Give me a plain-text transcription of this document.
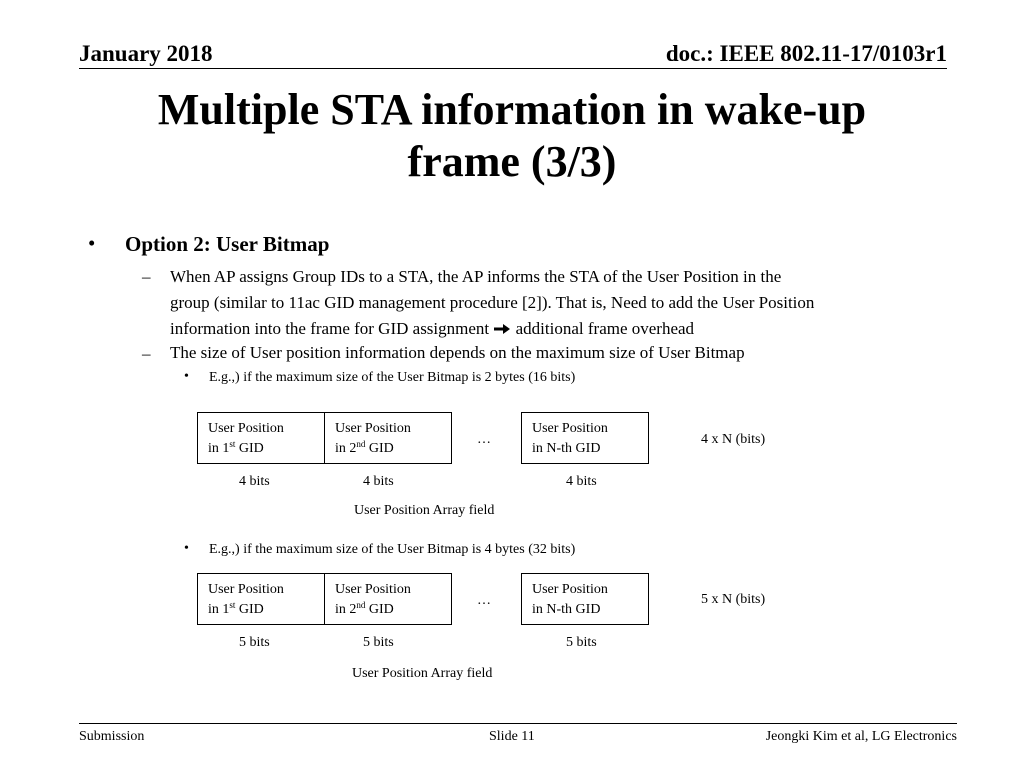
January 2018	doc.: IEEE 802.11-17/0103r1
Multiple STA information in wake-up
frame (3/3)
• Option 2: User Bitmap
– When AP assigns Group IDs to a STA, the AP informs the STA of the User Position in the
group (similar to 11ac GID management procedure [2]). That is, Need to add the User Position
information into the frame for GID assignment additional frame overhead
– The size of User position information depends on the maximum size of User Bitmap
• E.g.,) if the maximum size of the User Bitmap is 2 bytes (16 bits)
User Position
in 1st GID
User Position
in 2nd GID
…
User Position
in N-th GID
4 x N (bits)
4 bits	4 bits	4 bits
User Position Array field
• E.g.,) if the maximum size of the User Bitmap is 4 bytes (32 bits)
User Position
in 1st GID
User Position
in 2nd GID
…
User Position
in N-th GID
5 x N (bits)
5 bits	5 bits	5 bits
User Position Array field
Submission	Slide 11	Jeongki Kim et al, LG Electronics
